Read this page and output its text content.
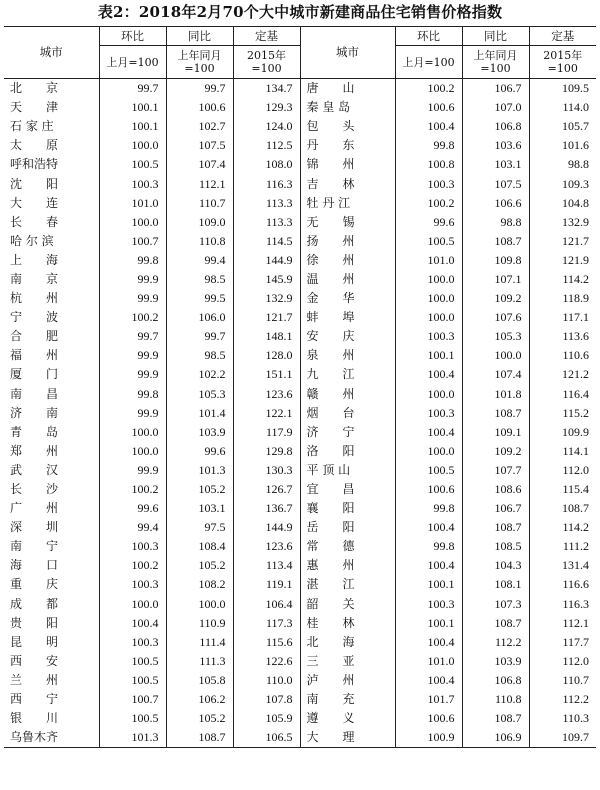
表2：2018年2月70个大中城市新建商品住宅销售价格指数
城市	环比	同比	定基	城市	环比	同比	定基
	上月=100	上年同月=100	2015年=100		上月=100	上年同月=100	2015年=100
北　　京	99.7	99.7	134.7	唐　　山	100.2	106.7	109.5
天　　津	100.1	100.6	129.3	秦 皇 岛	100.6	107.0	114.0
石 家 庄	100.1	102.7	124.0	包　　头	100.4	106.8	105.7
太　　原	100.0	107.5	112.5	丹　　东	99.8	103.6	101.6
呼和浩特	100.5	107.4	108.0	锦　　州	100.8	103.1	98.8
沈　　阳	100.3	112.1	116.3	吉　　林	100.3	107.5	109.3
大　　连	101.0	110.7	113.3	牡 丹 江	100.2	106.6	104.8
长　　春	100.0	109.0	113.3	无　　锡	99.6	98.8	132.9
哈 尔 滨	100.7	110.8	114.5	扬　　州	100.5	108.7	121.7
上　　海	99.8	99.4	144.9	徐　　州	101.0	109.8	121.9
南　　京	99.9	98.5	145.9	温　　州	100.0	107.1	114.2
杭　　州	99.9	99.5	132.9	金　　华	100.0	109.2	118.9
宁　　波	100.2	106.0	121.7	蚌　　埠	100.0	107.6	117.1
合　　肥	99.7	99.7	148.1	安　　庆	100.3	105.3	113.6
福　　州	99.9	98.5	128.0	泉　　州	100.1	100.0	110.6
厦　　门	99.9	102.2	151.1	九　　江	100.4	107.4	121.2
南　　昌	99.8	105.3	123.6	赣　　州	100.0	101.8	116.4
济　　南	99.9	101.4	122.1	烟　　台	100.3	108.7	115.2
青　　岛	100.0	103.9	117.9	济　　宁	100.4	109.1	109.9
郑　　州	100.0	99.6	129.8	洛　　阳	100.0	109.2	114.1
武　　汉	99.9	101.3	130.3	平 顶 山	100.5	107.7	112.0
长　　沙	100.2	105.2	126.7	宜　　昌	100.6	108.6	115.4
广　　州	99.6	103.1	136.7	襄　　阳	99.8	106.7	108.7
深　　圳	99.4	97.5	144.9	岳　　阳	100.4	108.7	114.2
南　　宁	100.3	108.4	123.6	常　　德	99.8	108.5	111.2
海　　口	100.2	105.2	113.4	惠　　州	100.4	104.3	131.4
重　　庆	100.3	108.2	119.1	湛　　江	100.1	108.1	116.6
成　　都	100.0	100.0	106.4	韶　　关	100.3	107.3	116.3
贵　　阳	100.4	110.9	117.3	桂　　林	100.1	108.7	112.1
昆　　明	100.3	111.4	115.6	北　　海	100.4	112.2	117.7
西　　安	100.5	111.3	122.6	三　　亚	101.0	103.9	112.0
兰　　州	100.5	105.8	110.0	泸　　州	100.4	106.8	110.7
西　　宁	100.7	106.2	107.8	南　　充	101.7	110.8	112.2
银　　川	100.5	105.2	105.9	遵　　义	100.6	108.7	110.3
乌鲁木齐	101.3	108.7	106.5	大　　理	100.9	106.9	109.7
